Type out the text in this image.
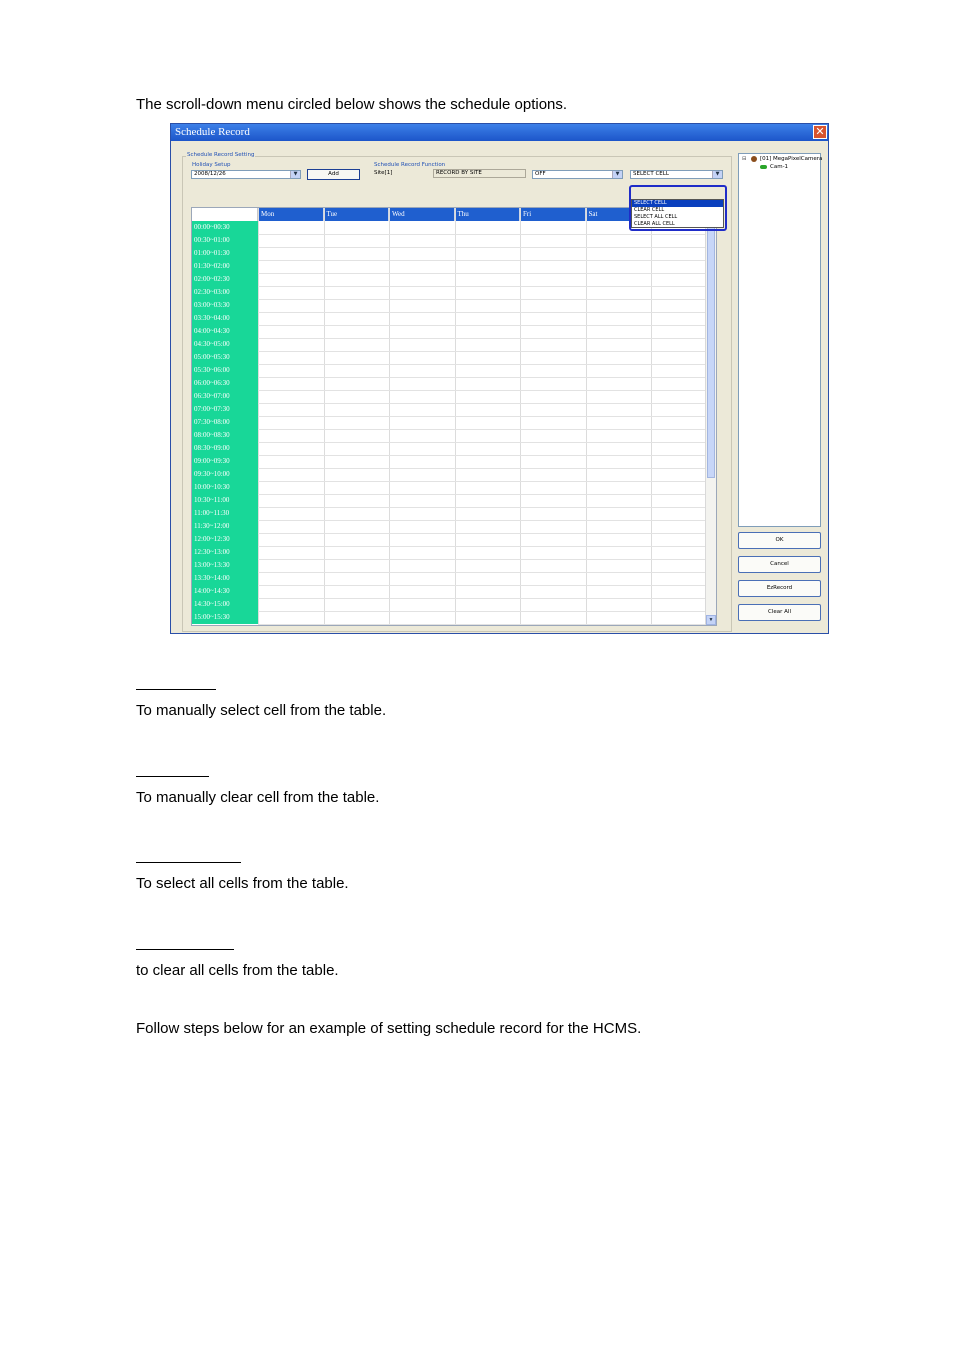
The scroll-down menu circled below shows the schedule options.
Schedule Record	✕
Schedule Record Setting
Holiday Setup
2008/12/26	▼	Add
Schedule Record Function
Site[1]	RECORD BY SITE	OFF	▼	SELECT CELL	▼
Mon	Tue	Wed	Thu	Fri	Sat
00:00~00:30
00:30~01:00
01:00~01:30
01:30~02:00
02:00~02:30
02:30~03:00
03:00~03:30
03:30~04:00
04:00~04:30
04:30~05:00
05:00~05:30
05:30~06:00
06:00~06:30
06:30~07:00
07:00~07:30
07:30~08:00
08:00~08:30
08:30~09:00
09:00~09:30
09:30~10:00
10:00~10:30
10:30~11:00
11:00~11:30
11:30~12:00
12:00~12:30
12:30~13:00
13:00~13:30
13:30~14:00
14:00~14:30
14:30~15:00
15:00~15:30	▼
SELECT CELL
CLEAR CELL
SELECT ALL CELL
CLEAR ALL CELL
⊟ [01] MegaPixelCamera
Cam-1
OK
Cancel
EzRecord
Clear All
To manually select cell from the table.
To manually clear cell from the table.
To select all cells from the table.
to clear all cells from the table.
Follow steps below for an example of setting schedule record for the HCMS.
